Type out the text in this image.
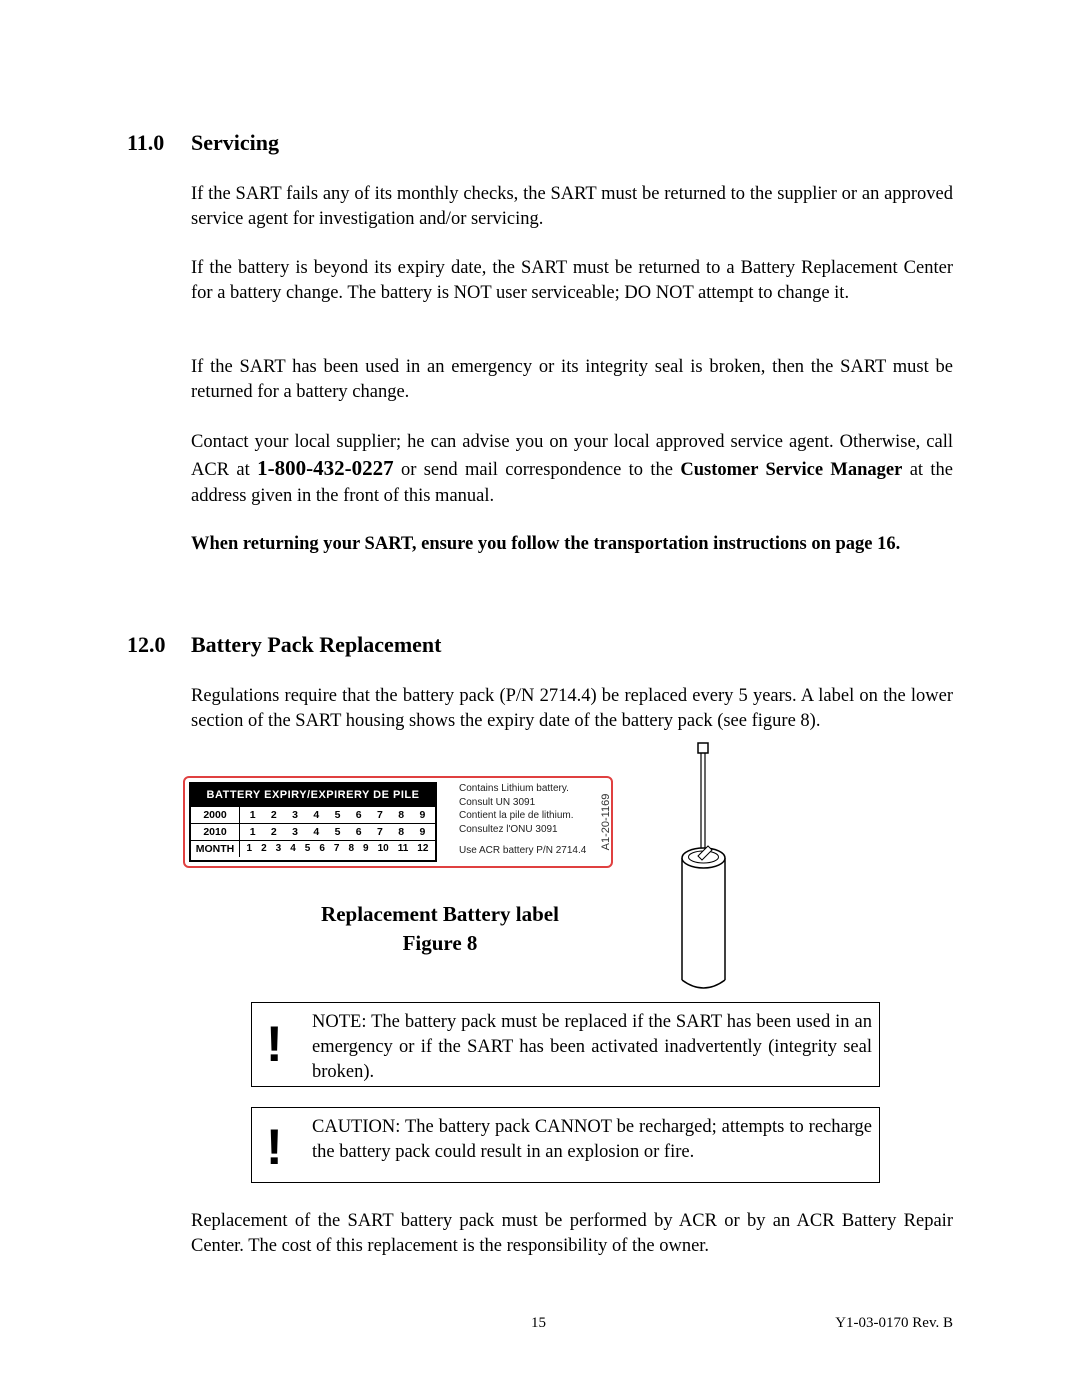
11.0 Servicing

If the SART fails any of its monthly checks, the SART must be returned to the supplier or an approved service agent for investigation and/or servicing.

If the battery is beyond its expiry date, the SART must be returned to a Battery Replacement Center for a battery change. The battery is NOT user serviceable; DO NOT attempt to change it.

If the SART has been used in an emergency or its integrity seal is broken, then the SART must be returned for a battery change.

Contact your local supplier; he can advise you on your local approved service agent. Otherwise, call ACR at 1-800-432-0227 or send mail correspondence to the Customer Service Manager at the address given in the front of this manual.

When returning your SART, ensure you follow the transportation instructions on page 16.

12.0 Battery Pack Replacement

Regulations require that the battery pack (P/N 2714.4) be replaced every 5 years. A label on the lower section of the SART housing shows the expiry date of the battery pack (see figure 8).

BATTERY EXPIRY/EXPIRERY DE PILE
2000	1 2 3 4 5 6 7 8 9
2010	1 2 3 4 5 6 7 8 9
MONTH	1 2 3 4 5 6 7 8 9 10 11 12
Contains Lithium battery.
Consult UN 3091
Contient la pile de lithium.
Consultez l'ONU 3091
Use ACR battery P/N 2714.4
A1-20-1169
Replacement Battery label
Figure 8
! NOTE: The battery pack must be replaced if the SART has been used in an emergency or if the SART has been activated inadvertently (integrity seal broken).

! CAUTION: The battery pack CANNOT be recharged; attempts to recharge the battery pack could result in an explosion or fire.

Replacement of the SART battery pack must be performed by ACR or by an ACR Battery Repair Center. The cost of this replacement is the responsibility of the owner.

15	Y1-03-0170 Rev. B
